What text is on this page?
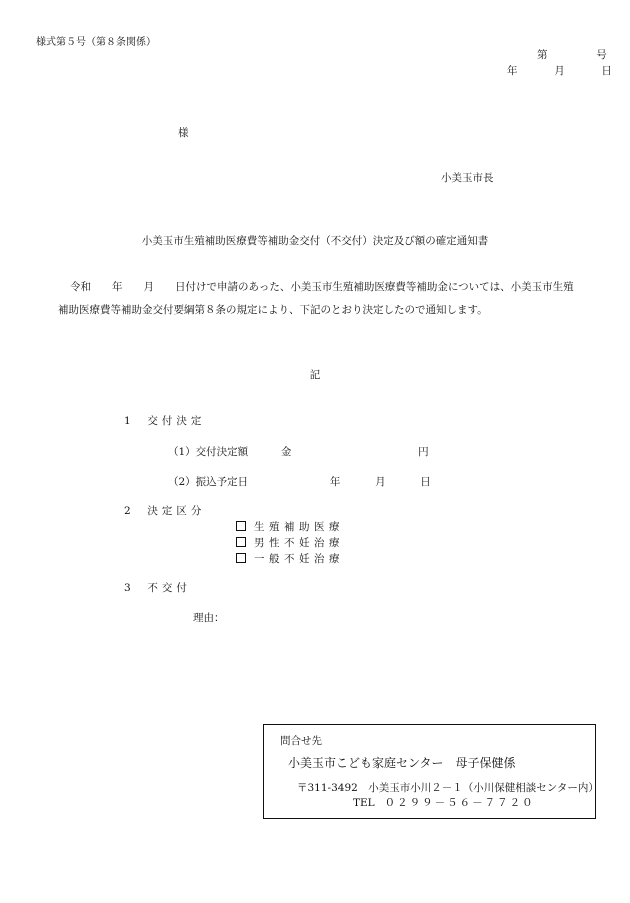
様式第５号（第８条関係）
第	号
年	月	日
様
小美玉市長
小美玉市生殖補助医療費等補助金交付（不交付）決定及び額の確定通知書
令和　　年　　月　　日付けで申請のあった、小美玉市生殖補助医療費等補助金については、小美玉市生殖
補助医療費等補助金交付要綱第８条の規定により、下記のとおり決定したので通知します。
記
1 交付決定
（1）交付決定額	金	円
（2）振込予定日	年	月	日
2 決定区分
生殖補助医療
男性不妊治療
一般不妊治療
3 不交付
理由：
問合せ先
小美玉市こども家庭センター　母子保健係
〒311-3492　小美玉市小川２－１（小川保健相談センター内）
TEL ０２９９－５６－７７２０
